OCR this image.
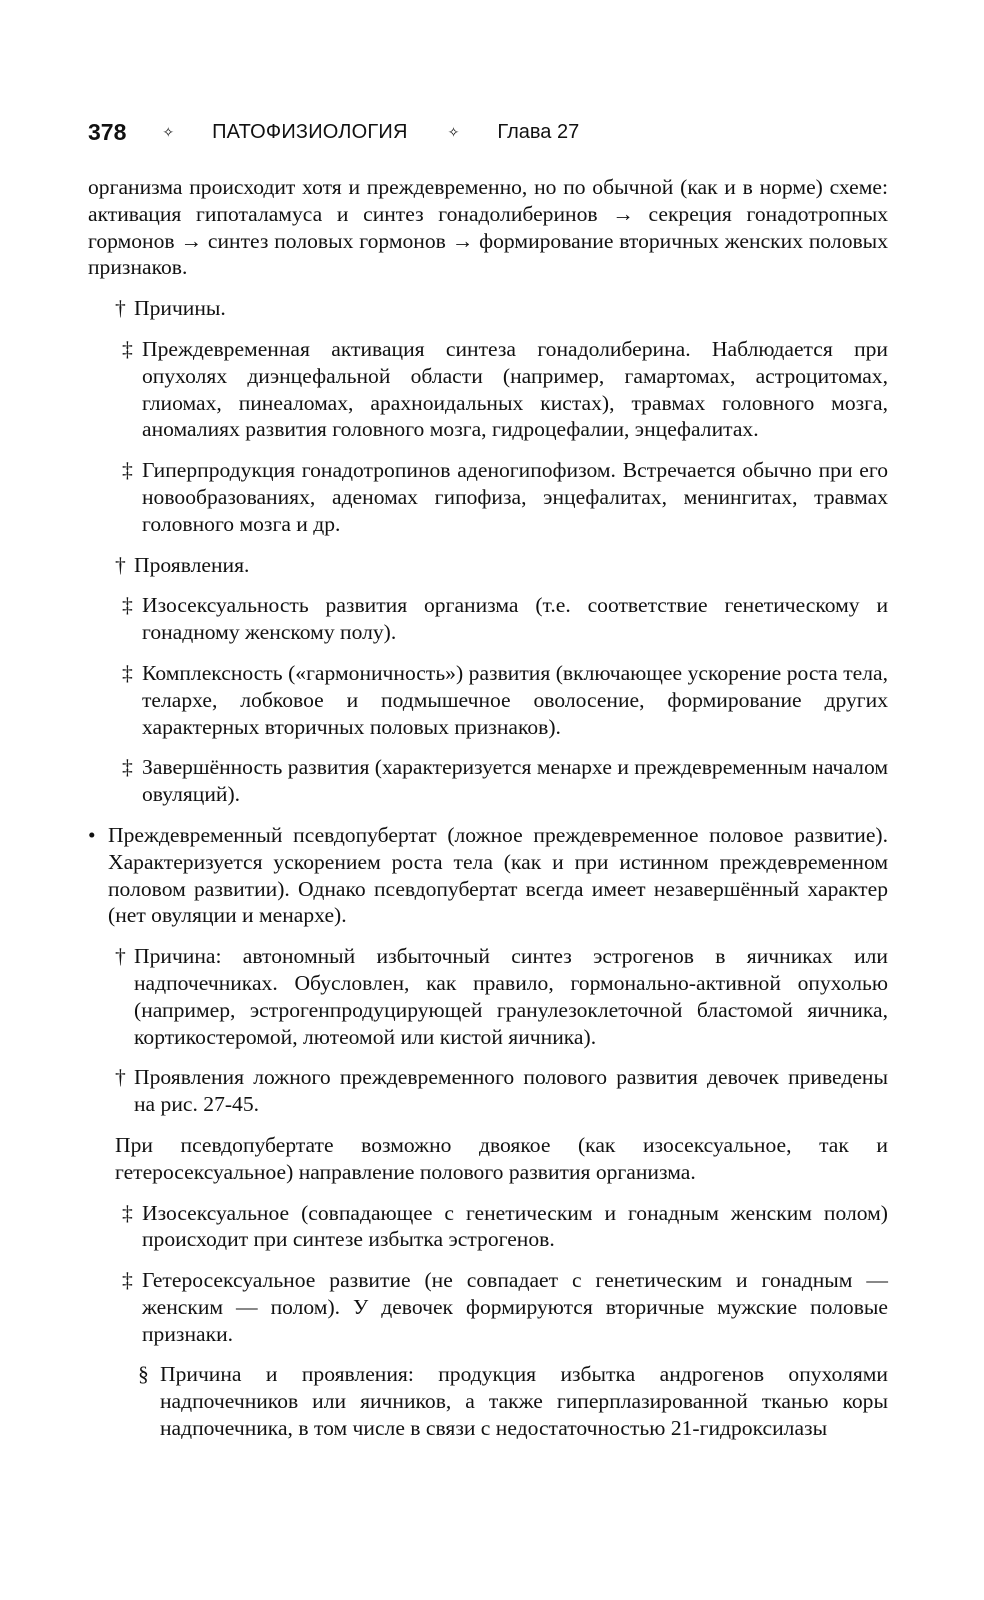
378	✧ ПАТОФИЗИОЛОГИЯ	✧ Глава 27

организма происходит хотя и преждевременно, но по обычной (как и в норме) схеме: активация гипоталамуса и синтез гонадолиберинов → секреция гонадотропных гормонов → синтез половых гормонов → формирование вторичных женских половых признаков.

† Причины.

‡ Преждевременная активация синтеза гонадолиберина. Наблюдается при опухолях диэнцефальной области (например, гамартомах, астроцитомах, глиомах, пинеаломах, арахноидальных кистах), травмах головного мозга, аномалиях развития головного мозга, гидроцефалии, энцефалитах.

‡ Гиперпродукция гонадотропинов аденогипофизом. Встречается обычно при его новообразованиях, аденомах гипофиза, энцефалитах, менингитах, травмах головного мозга и др.

† Проявления.

‡ Изосексуальность развития организма (т.е. соответствие генетическому и гонадному женскому полу).

‡ Комплексность («гармоничность») развития (включающее ускорение роста тела, телархе, лобковое и подмышечное оволосение, формирование других характерных вторичных половых признаков).

‡ Завершённость развития (характеризуется менархе и преждевременным началом овуляций).

• Преждевременный псевдопубертат (ложное преждевременное половое развитие). Характеризуется ускорением роста тела (как и при истинном преждевременном половом развитии). Однако псевдопубертат всегда имеет незавершённый характер (нет овуляции и менархе).

† Причина: автономный избыточный синтез эстрогенов в яичниках или надпочечниках. Обусловлен, как правило, гормонально-активной опухолью (например, эстрогенпродуцирующей гранулезоклеточной бластомой яичника, кортикостеромой, лютеомой или кистой яичника).

† Проявления ложного преждевременного полового развития девочек приведены на рис. 27-45.

При псевдопубертате возможно двоякое (как изосексуальное, так и гетеросексуальное) направление полового развития организма.

‡ Изосексуальное (совпадающее с генетическим и гонадным женским полом) происходит при синтезе избытка эстрогенов.

‡ Гетеросексуальное развитие (не совпадает с генетическим и гонадным — женским — полом). У девочек формируются вторичные мужские половые признаки.

§ Причина и проявления: продукция избытка андрогенов опухолями надпочечников или яичников, а также гиперплазированной тканью коры надпочечника, в том числе в связи с недостаточностью 21-гидроксилазы
